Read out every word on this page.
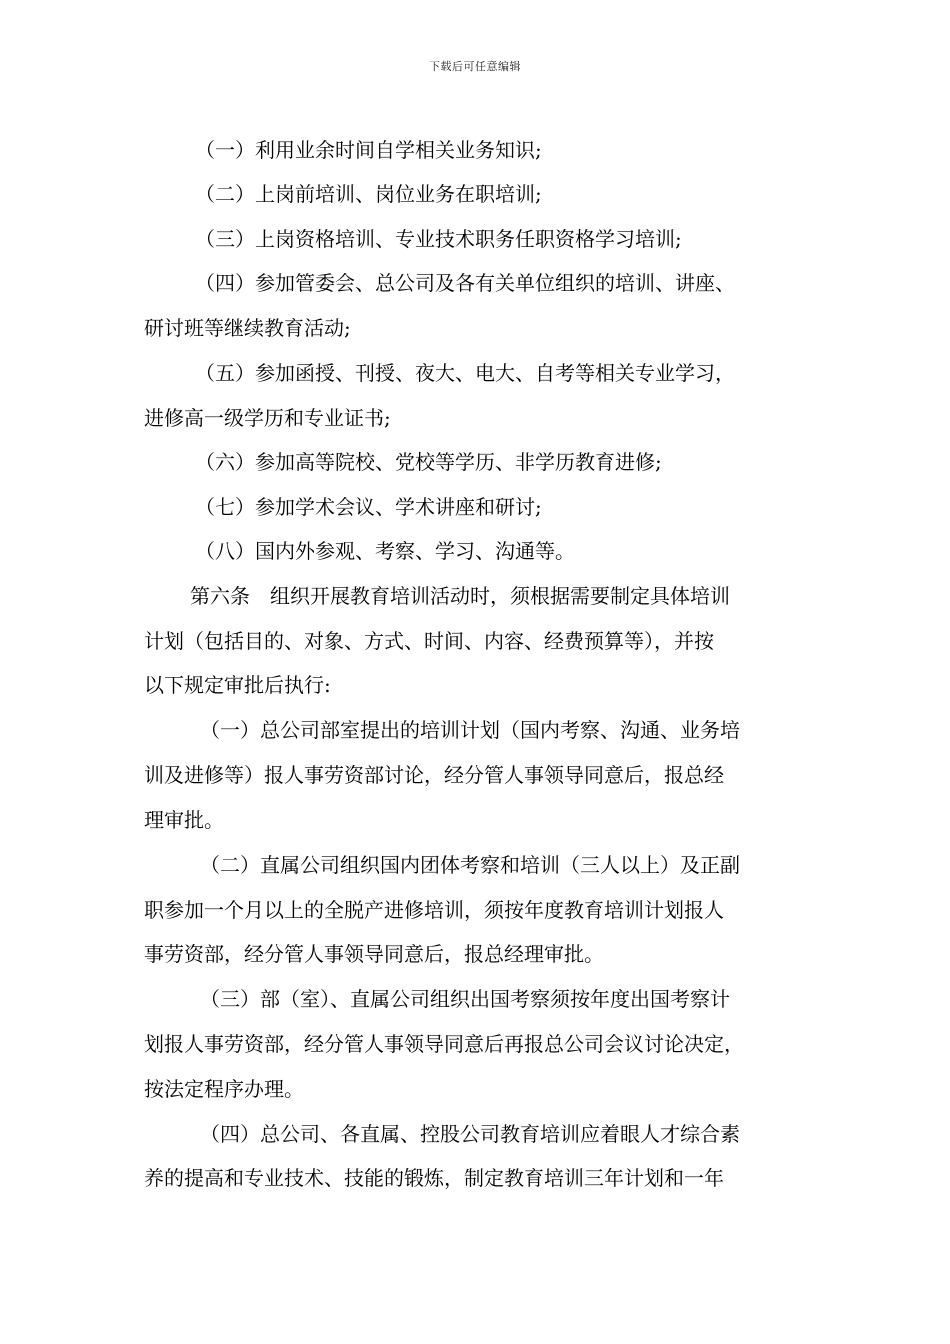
下载后可任意编辑
（一）利用业余时间自学相关业务知识;
（二）上岗前培训、岗位业务在职培训;
（三）上岗资格培训、专业技术职务任职资格学习培训;
（四）参加管委会、总公司及各有关单位组织的培训、讲座、
研讨班等继续教育活动;
（五）参加函授、刊授、夜大、电大、自考等相关专业学习，
进修高一级学历和专业证书;
（六）参加高等院校、党校等学历、非学历教育进修;
（七）参加学术会议、学术讲座和研讨;
（八）国内外参观、考察、学习、沟通等。
第六条　组织开展教育培训活动时，须根据需要制定具体培训
计划（包括目的、对象、方式、时间、内容、经费预算等），并按
以下规定审批后执行:
（一）总公司部室提出的培训计划（国内考察、沟通、业务培
训及进修等）报人事劳资部讨论，经分管人事领导同意后，报总经
理审批。
（二）直属公司组织国内团体考察和培训（三人以上）及正副
职参加一个月以上的全脱产进修培训，须按年度教育培训计划报人
事劳资部，经分管人事领导同意后，报总经理审批。
（三）部（室）、直属公司组织出国考察须按年度出国考察计
划报人事劳资部，经分管人事领导同意后再报总公司会议讨论决定，
按法定程序办理。
（四）总公司、各直属、控股公司教育培训应着眼人才综合素
养的提高和专业技术、技能的锻炼，制定教育培训三年计划和一年
